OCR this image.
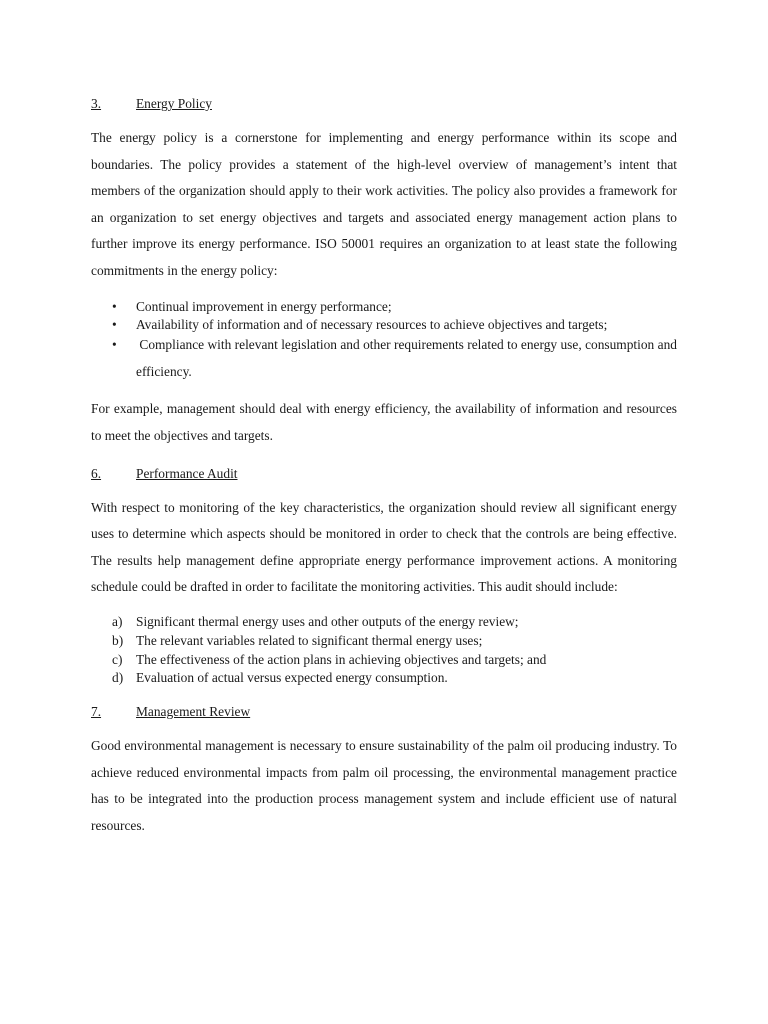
3.	Energy Policy

The energy policy is a cornerstone for implementing and energy performance within its scope and boundaries. The policy provides a statement of the high-level overview of management’s intent that members of the organization should apply to their work activities. The policy also provides a framework for an organization to set energy objectives and targets and associated energy management action plans to further improve its energy performance. ISO 50001 requires an organization to at least state the following commitments in the energy policy:

• Continual improvement in energy performance;
• Availability of information and of necessary resources to achieve objectives and targets;
• Compliance with relevant legislation and other requirements related to energy use, consumption and efficiency.

For example, management should deal with energy efficiency, the availability of information and resources to meet the objectives and targets.

6.	Performance Audit

With respect to monitoring of the key characteristics, the organization should review all significant energy uses to determine which aspects should be monitored in order to check that the controls are being effective. The results help management define appropriate energy performance improvement actions. A monitoring schedule could be drafted in order to facilitate the monitoring activities. This audit should include:

a) Significant thermal energy uses and other outputs of the energy review;
b) The relevant variables related to significant thermal energy uses;
c) The effectiveness of the action plans in achieving objectives and targets; and
d) Evaluation of actual versus expected energy consumption.
7.	Management Review

Good environmental management is necessary to ensure sustainability of the palm oil producing industry. To achieve reduced environmental impacts from palm oil processing, the environmental management practice has to be integrated into the production process management system and include efficient use of natural resources.
